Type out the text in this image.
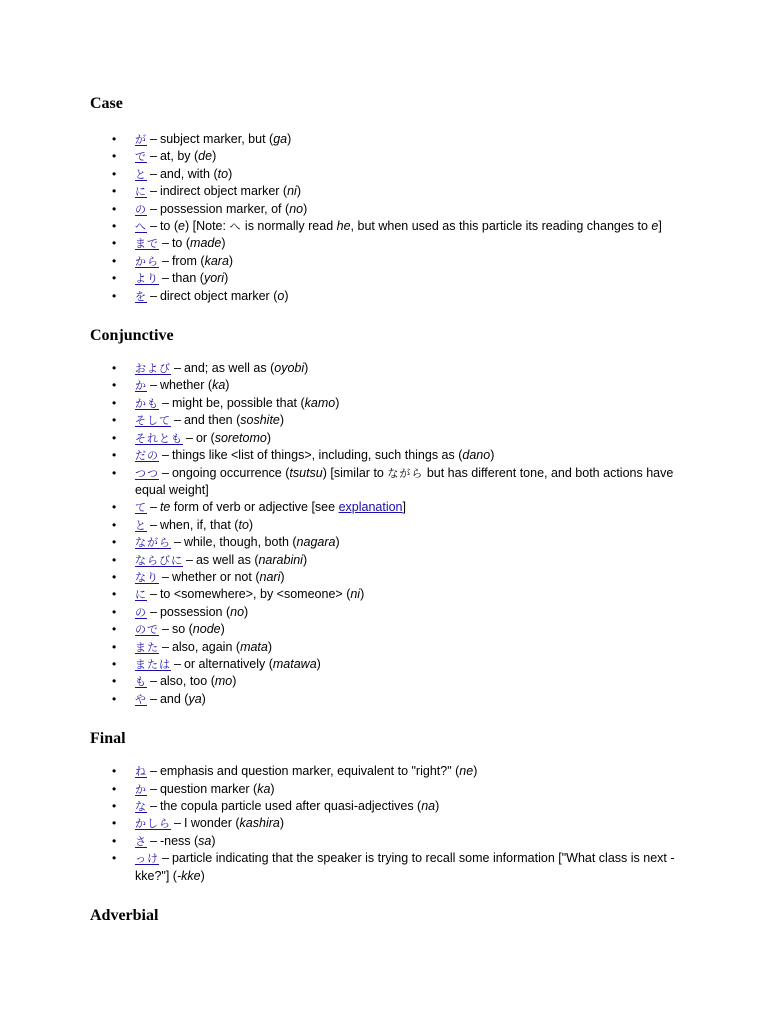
Case
• が – subject marker, but (ga)
• で – at, by (de)
• と – and, with (to)
• に – indirect object marker (ni)
• の – possession marker, of (no)
• へ – to (e) [Note: へ is normally read he, but when used as this particle its reading changes to e]
• まで – to (made)
• から – from (kara)
• より – than (yori)
• を – direct object marker (o)
Conjunctive
• および – and; as well as (oyobi)
• か – whether (ka)
• かも – might be, possible that (kamo)
• そして – and then (soshite)
• それとも – or (soretomo)
• だの – things like <list of things>, including, such things as (dano)
• つつ – ongoing occurrence (tsutsu) [similar to ながら but has different tone, and both actions have equal weight]
• て – te form of verb or adjective [see explanation]
• と – when, if, that (to)
• ながら – while, though, both (nagara)
• ならびに – as well as (narabini)
• なり – whether or not (nari)
• に – to <somewhere>, by <someone> (ni)
• の – possession (no)
• ので – so (node)
• また – also, again (mata)
• または – or alternatively (matawa)
• も – also, too (mo)
• や – and (ya)
Final
• ね – emphasis and question marker, equivalent to "right?" (ne)
• か – question marker (ka)
• な – the copula particle used after quasi-adjectives (na)
• かしら – I wonder (kashira)
• さ – -ness (sa)
• っけ – particle indicating that the speaker is trying to recall some information ["What class is next -kke?"] (-kke)
Adverbial
